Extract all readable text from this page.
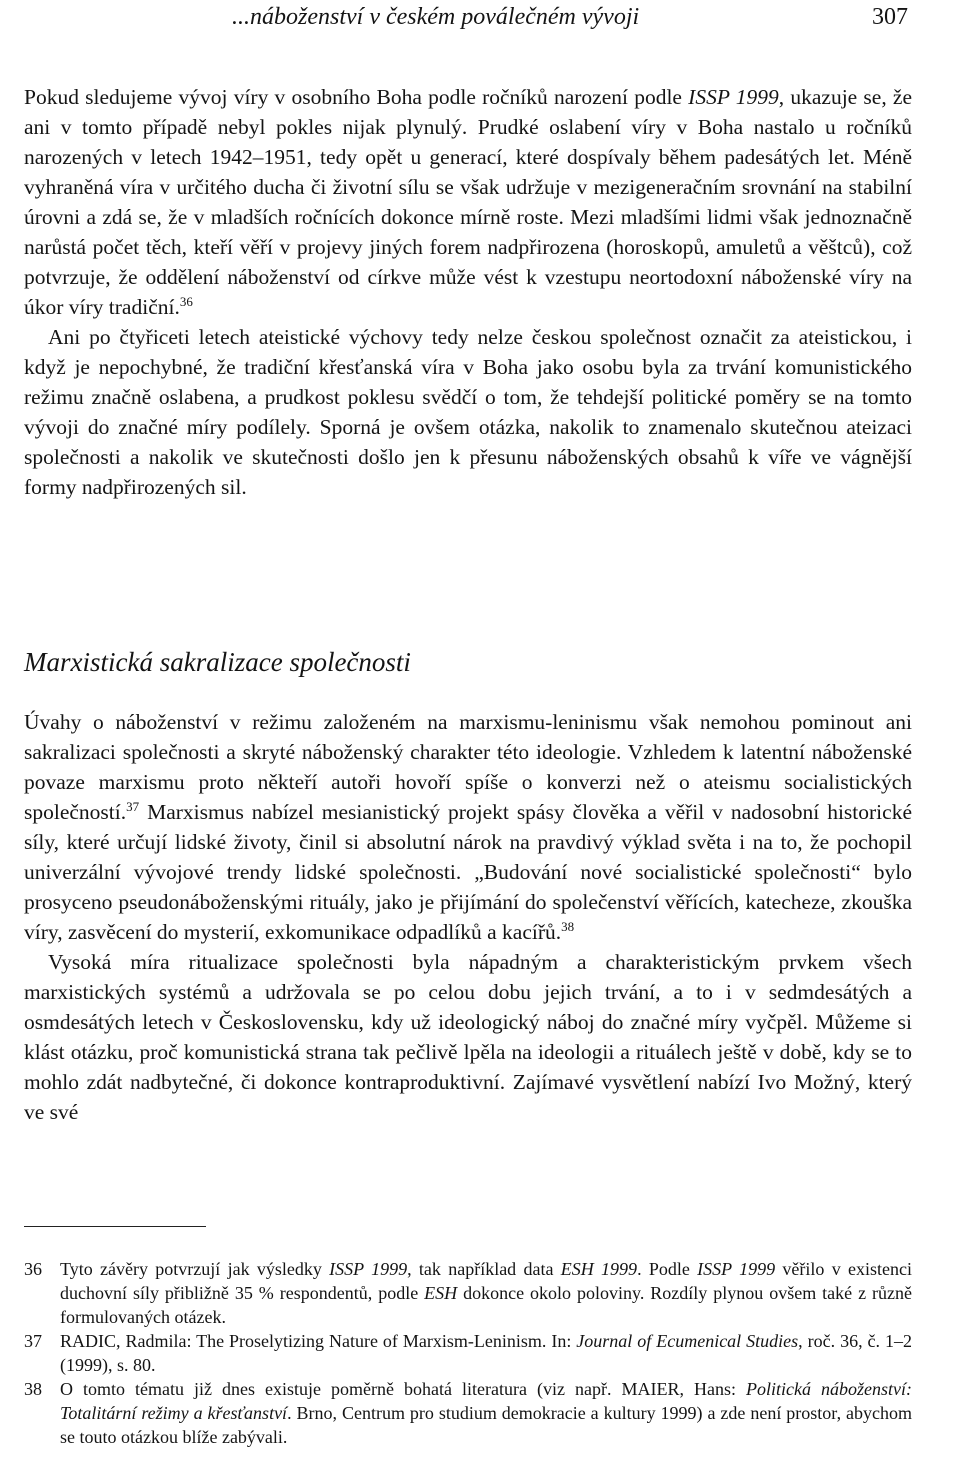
...náboženství v českém poválečném vývoji	307

Pokud sledujeme vývoj víry v osobního Boha podle ročníků narození podle ISSP 1999, ukazuje se, že ani v tomto případě nebyl pokles nijak plynulý. Prudké oslabení víry v Boha nastalo u ročníků narozených v letech 1942–1951, tedy opět u generací, které dospívaly během padesátých let. Méně vyhraněná víra v určitého ducha či životní sílu se však udržuje v mezigeneračním srovnání na stabilní úrovni a zdá se, že v mladších ročnících dokonce mírně roste. Mezi mladšími lidmi však jednoznačně narůstá počet těch, kteří věří v projevy jiných forem nadpřirozena (horoskopů, amuletů a věštců), což potvrzuje, že oddělení náboženství od církve může vést k vzestupu neortodoxní náboženské víry na úkor víry tradiční.$^{36}$

Ani po čtyřiceti letech ateistické výchovy tedy nelze českou společnost označit za ateistickou, i když je nepochybné, že tradiční křesťanská víra v Boha jako osobu byla za trvání komunistického režimu značně oslabena, a prudkost poklesu svědčí o tom, že tehdejší politické poměry se na tomto vývoji do značné míry podílely. Sporná je ovšem otázka, nakolik to znamenalo skutečnou ateizaci společnosti a nakolik ve skutečnosti došlo jen k přesunu náboženských obsahů k víře ve vágnější formy nadpřirozených sil.

Marxistická sakralizace společnosti

Úvahy o náboženství v režimu založeném na marxismu-leninismu však nemohou pominout ani sakralizaci společnosti a skryté náboženský charakter této ideologie. Vzhledem k latentní náboženské povaze marxismu proto někteří autoři hovoří spíše o konverzi než o ateismu socialistických společností.$^{37}$ Marxismus nabízel mesianistický projekt spásy člověka a věřil v nadosobní historické síly, které určují lidské životy, činil si absolutní nárok na pravdivý výklad světa i na to, že pochopil univerzální vývojové trendy lidské společnosti. „Budování nové socialistické společnosti“ bylo prosyceno pseudonáboženskými rituály, jako je přijímání do společenství věřících, katecheze, zkouška víry, zasvěcení do mysterií, exkomunikace odpadlíků a kacířů.$^{38}$

Vysoká míra ritualizace společnosti byla nápadným a charakteristickým prvkem všech marxistických systémů a udržovala se po celou dobu jejich trvání, a to i v sedmdesátých a osmdesátých letech v Československu, kdy už ideologický náboj do značné míry vyčpěl. Můžeme si klást otázku, proč komunistická strana tak pečlivě lpěla na ideologii a rituálech ještě v době, kdy se to mohlo zdát nadbytečné, či dokonce kontraproduktivní. Zajímavé vysvětlení nabízí Ivo Možný, který ve své

36	Tyto závěry potvrzují jak výsledky ISSP 1999, tak například data ESH 1999. Podle ISSP 1999 věřilo v existenci duchovní síly přibližně 35 % respondentů, podle ESH dokonce okolo poloviny. Rozdíly plynou ovšem také z různě formulovaných otázek.
37	RADIC, Radmila: The Proselytizing Nature of Marxism-Leninism. In: Journal of Ecumenical Studies, roč. 36, č. 1–2 (1999), s. 80.
38	O tomto tématu již dnes existuje poměrně bohatá literatura (viz např. MAIER, Hans: Politická náboženství: Totalitární režimy a křesťanství. Brno, Centrum pro studium demokracie a kultury 1999) a zde není prostor, abychom se touto otázkou blíže zabývali.
